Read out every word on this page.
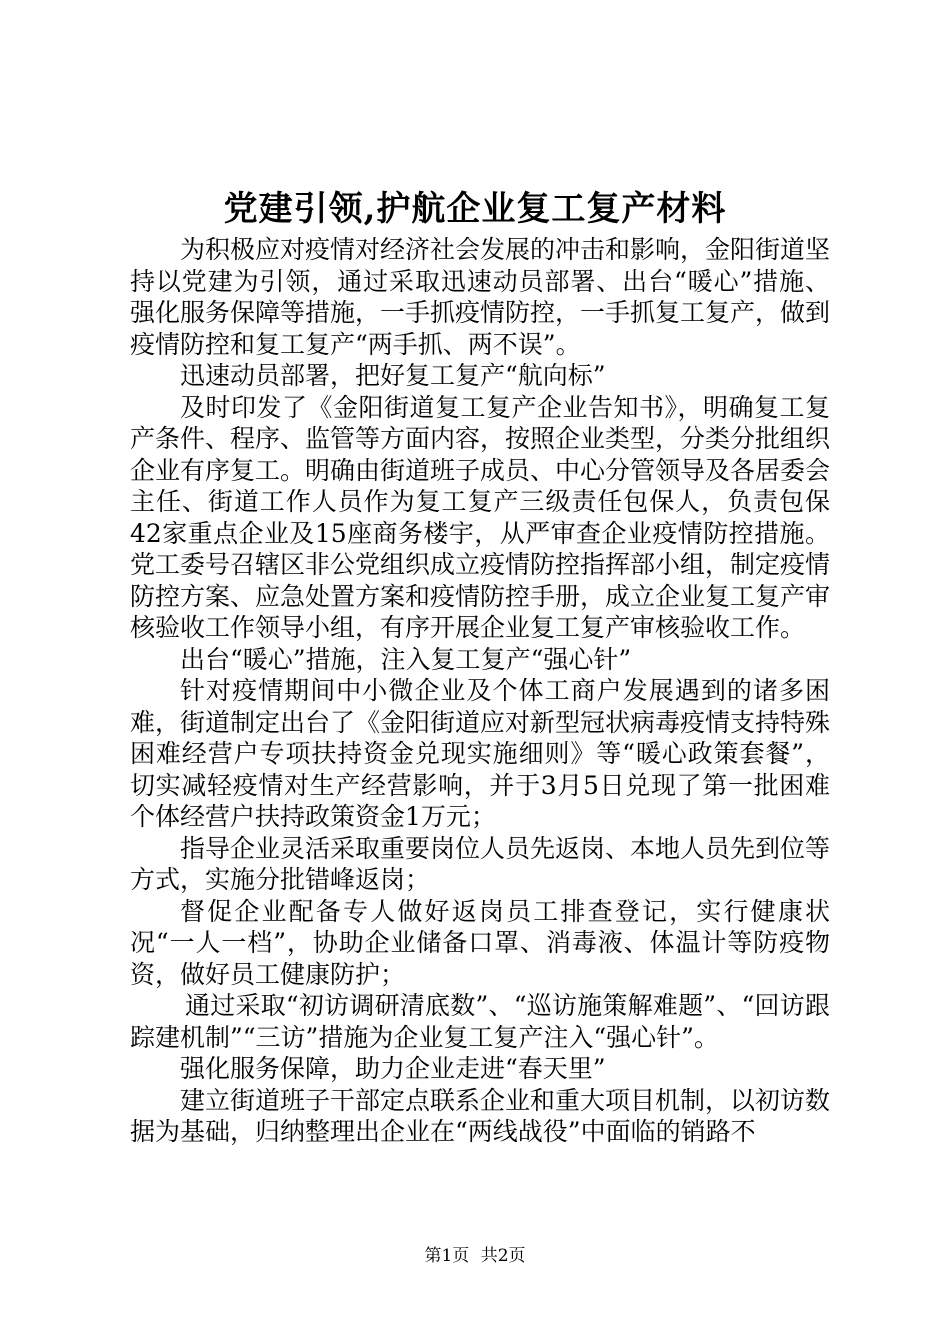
党建引领,护航企业复工复产材料

为积极应对疫情对经济社会发展的冲击和影响，金阳街道坚持以党建为引领，通过采取迅速动员部署、出台“暖心”措施、强化服务保障等措施，一手抓疫情防控，一手抓复工复产，做到疫情防控和复工复产“两手抓、两不误”。

迅速动员部署，把好复工复产“航向标”

及时印发了《金阳街道复工复产企业告知书》，明确复工复产条件、程序、监管等方面内容，按照企业类型，分类分批组织企业有序复工。明确由街道班子成员、中心分管领导及各居委会主任、街道工作人员作为复工复产三级责任包保人，负责包保42家重点企业及15座商务楼宇，从严审查企业疫情防控措施。党工委号召辖区非公党组织成立疫情防控指挥部小组，制定疫情防控方案、应急处置方案和疫情防控手册，成立企业复工复产审核验收工作领导小组，有序开展企业复工复产审核验收工作。

出台“暖心”措施，注入复工复产“强心针”

针对疫情期间中小微企业及个体工商户发展遇到的诸多困难，街道制定出台了《金阳街道应对新型冠状病毒疫情支持特殊困难经营户专项扶持资金兑现实施细则》等“暖心政策套餐”，切实减轻疫情对生产经营影响，并于3月5日兑现了第一批困难个体经营户扶持政策资金1万元；

指导企业灵活采取重要岗位人员先返岗、本地人员先到位等方式，实施分批错峰返岗；

督促企业配备专人做好返岗员工排查登记，实行健康状况“一人一档”，协助企业储备口罩、消毒液、体温计等防疫物资，做好员工健康防护；

通过采取“初访调研清底数”、“巡访施策解难题”、“回访跟踪建机制”“三访”措施为企业复工复产注入“强心针”。

强化服务保障，助力企业走进“春天里”

建立街道班子干部定点联系企业和重大项目机制，以初访数据为基础，归纳整理出企业在“两线战役”中面临的销路不

第1页 共2页
